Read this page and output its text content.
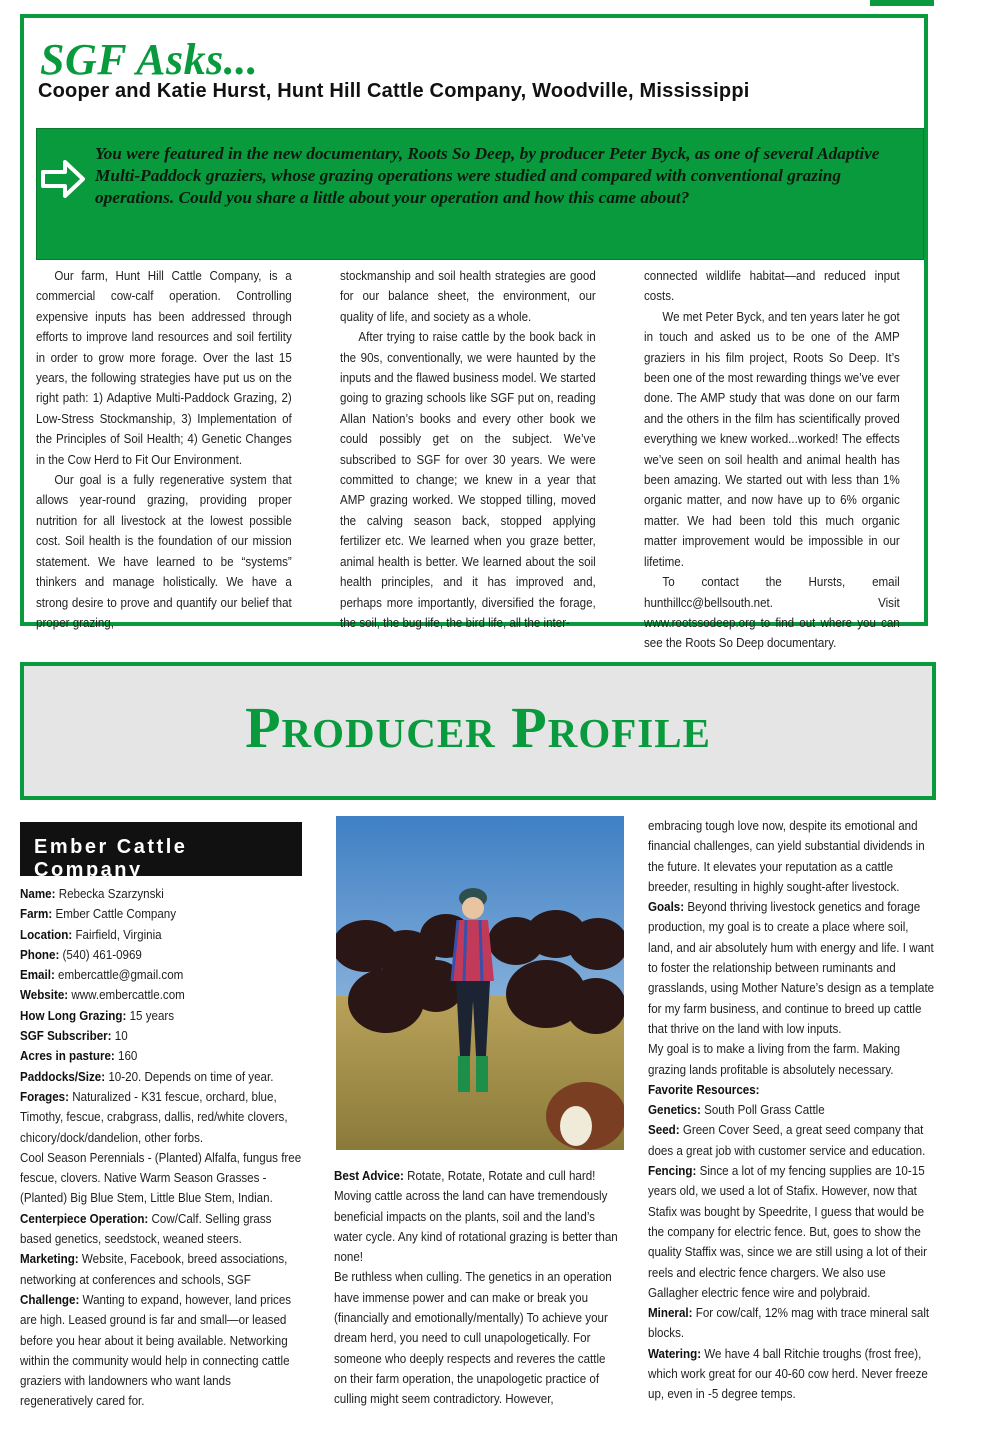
SGF Asks...
Cooper and Katie Hurst, Hunt Hill Cattle Company, Woodville, Mississippi

You were featured in the new documentary, Roots So Deep, by producer Peter Byck, as one of several Adaptive Multi-Paddock graziers, whose grazing operations were studied and compared with conventional grazing operations. Could you share a little about your operation and how this came about?

Our farm, Hunt Hill Cattle Company, is a commercial cow-calf operation. Controlling expensive inputs has been addressed through efforts to improve land resources and soil fertility in order to grow more forage. Over the last 15 years, the following strategies have put us on the right path: 1) Adaptive Multi-Paddock Grazing, 2) Low-Stress Stockmanship, 3) Implementation of the Principles of Soil Health; 4) Genetic Changes in the Cow Herd to Fit Our Environment.

Our goal is a fully regenerative system that allows year-round grazing, providing proper nutrition for all livestock at the lowest possible cost. Soil health is the foundation of our mission statement. We have learned to be “systems” thinkers and manage holistically. We have a strong desire to prove and quantify our belief that proper grazing,

stockmanship and soil health strategies are good for our balance sheet, the environment, our quality of life, and society as a whole.

After trying to raise cattle by the book back in the 90s, conventionally, we were haunted by the inputs and the flawed business model. We started going to grazing schools like SGF put on, reading Allan Nation’s books and every other book we could possibly get on the subject. We’ve subscribed to SGF for over 30 years. We were committed to change; we knew in a year that AMP grazing worked. We stopped tilling, moved the calving season back, stopped applying fertilizer etc. We learned when you graze better, animal health is better. We learned about the soil health principles, and it has improved and, perhaps more importantly, diversified the forage, the soil, the bug life, the bird life, all the inter-

connected wildlife habitat—and reduced input costs.

We met Peter Byck, and ten years later he got in touch and asked us to be one of the AMP graziers in his film project, Roots So Deep. It’s been one of the most rewarding things we’ve ever done. The AMP study that was done on our farm and the others in the film has scientifically proved everything we knew worked...worked! The effects we’ve seen on soil health and animal health has been amazing. We started out with less than 1% organic matter, and now have up to 6% organic matter. We had been told this much organic matter improvement would be impossible in our lifetime.

To contact the Hursts, email hunthillcc@bellsouth.net. Visit www.rootssodeep.org to find out where you can see the Roots So Deep documentary.

Producer Profile
Ember Cattle Company

Name: Rebecka Szarzynski

Farm: Ember Cattle Company

Location: Fairfield, Virginia

Phone: (540) 461-0969

Email: embercattle@gmail.com

Website: www.embercattle.com

How Long Grazing: 15 years

SGF Subscriber: 10

Acres in pasture: 160

Paddocks/Size: 10-20. Depends on time of year.

Forages: Naturalized - K31 fescue, orchard, blue, Timothy, fescue, crabgrass, dallis, red/white clovers, chicory/dock/dandelion, other forbs.

Cool Season Perennials - (Planted) Alfalfa, fungus free fescue, clovers. Native Warm Season Grasses - (Planted) Big Blue Stem, Little Blue Stem, Indian.

Centerpiece Operation: Cow/Calf. Selling grass based genetics, seedstock, weaned steers.

Marketing: Website, Facebook, breed associations, networking at conferences and schools, SGF

Challenge: Wanting to expand, however, land prices are high. Leased ground is far and small—or leased before you hear about it being available. Networking within the community would help in connecting cattle graziers with landowners who want lands regeneratively cared for.

Best Advice: Rotate, Rotate, Rotate and cull hard! Moving cattle across the land can have tremendously beneficial impacts on the plants, soil and the land’s water cycle. Any kind of rotational grazing is better than none!

Be ruthless when culling. The genetics in an operation have immense power and can make or break you (financially and emotionally/mentally) To achieve your dream herd, you need to cull unapologetically. For someone who deeply respects and reveres the cattle on their farm operation, the unapologetic practice of culling might seem contradictory. However,

embracing tough love now, despite its emotional and financial challenges, can yield substantial dividends in the future. It elevates your reputation as a cattle breeder, resulting in highly sought-after livestock.

Goals: Beyond thriving livestock genetics and forage production, my goal is to create a place where soil, land, and air absolutely hum with energy and life. I want to foster the relationship between ruminants and grasslands, using Mother Nature’s design as a template for my farm business, and continue to breed up cattle that thrive on the land with low inputs.

My goal is to make a living from the farm. Making grazing lands profitable is absolutely necessary.

Favorite Resources:

Genetics: South Poll Grass Cattle

Seed: Green Cover Seed, a great seed company that does a great job with customer service and education.

Fencing: Since a lot of my fencing supplies are 10-15 years old, we used a lot of Stafix. However, now that Stafix was bought by Speedrite, I guess that would be the company for electric fence. But, goes to show the quality Staffix was, since we are still using a lot of their reels and electric fence chargers. We also use Gallagher electric fence wire and polybraid.

Mineral: For cow/calf, 12% mag with trace mineral salt blocks.

Watering: We have 4 ball Ritchie troughs (frost free), which work great for our 40-60 cow herd. Never freeze up, even in -5 degree temps.
